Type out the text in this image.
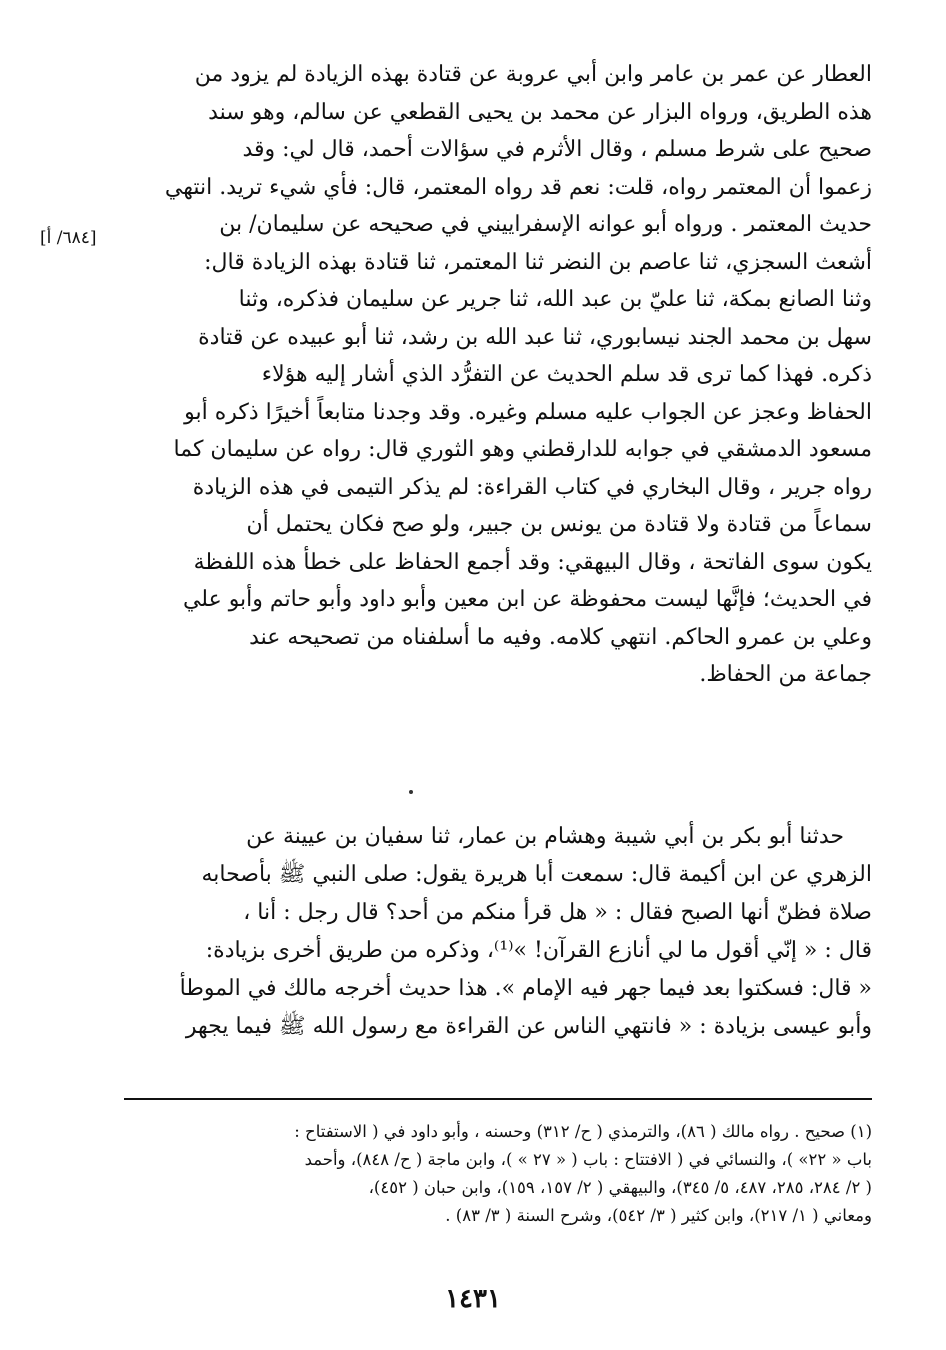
العطار عن عمر بن عامر وابن أبي عروبة عن قتادة بهذه الزيادة لم يزود من
هذه الطريق، ورواه البزار عن محمد بن يحيى القطعي عن سالم، وهو سند
صحيح على شرط مسلم ، وقال الأثرم في سؤالات أحمد، قال لي: وقد
زعموا أن المعتمر رواه، قلت: نعم قد رواه المعتمر، قال: فأي شيء تريد. انتهي
حديث المعتمر . ورواه أبو عوانه الإسفراييني في صحيحه عن سليمان/ بن
أشعث السجزي، ثنا عاصم بن النضر ثنا المعتمر، ثنا قتادة بهذه الزيادة قال:
وثنا الصانع بمكة، ثنا عليّ بن عبد الله، ثنا جرير عن سليمان فذكره، وثنا
سهل بن محمد الجند نيسابوري، ثنا عبد الله بن رشد، ثنا أبو عبيده عن قتادة
ذكره. فهذا كما ترى قد سلم الحديث عن التفرُّد الذي أشار إليه هؤلاء
الحفاظ وعجز عن الجواب عليه مسلم وغيره. وقد وجدنا متابعاً أخيرًا ذكره أبو
مسعود الدمشقي في جوابه للدارقطني وهو الثوري قال: رواه عن سليمان كما
رواه جرير ، وقال البخاري في كتاب القراءة: لم يذكر التيمى في هذه الزيادة
سماعاً من قتادة ولا قتادة من يونس بن جبير، ولو صح فكان يحتمل أن
يكون سوى الفاتحة ، وقال البيهقي: وقد أجمع الحفاظ على خطأ هذه اللفظة
في الحديث؛ فإنَّها ليست محفوظة عن ابن معين وأبو داود وأبو حاتم وأبو علي
وعلي بن عمرو الحاكم. انتهي كلامه. وفيه ما أسلفناه من تصحيحه عند
جماعة من الحفاظ.
[٦٨٤/ أ]
حدثنا أبو بكر بن أبي شيبة وهشام بن عمار، ثنا سفيان بن عيينة عن
الزهري عن ابن أكيمة قال: سمعت أبا هريرة يقول: صلى النبي ﷺ بأصحابه
صلاة فظنّ أنها الصبح فقال : « هل قرأ منكم من أحد؟ قال رجل : أنا ،
قال : « إنّي أقول ما لي أنازع القرآن! »⁽¹⁾، وذكره من طريق أخرى بزيادة:
« قال: فسكتوا بعد فيما جهر فيه الإمام ». هذا حديث أخرجه مالك في الموطأ
وأبو عيسى بزيادة : « فانتهي الناس عن القراءة مع رسول الله ﷺ فيما يجهر
(١) صحيح . رواه مالك ( ٨٦)، والترمذي ( ح/ ٣١٢) وحسنه ، وأبو داود في ( الاستفتاح :
باب « ٢٢» )، والنسائي في ( الافتتاح : باب ( « ٢٧ » )، وابن ماجة ( ح/ ٨٤٨)، وأحمد
( ٢/ ٢٨٤، ٢٨٥، ٤٨٧، ٥/ ٣٤٥)، والبيهقي ( ٢/ ١٥٧، ١٥٩)، وابن حبان ( ٤٥٢)،
ومعاني ( ١/ ٢١٧)، وابن كثير ( ٣/ ٥٤٢)، وشرح السنة ( ٣/ ٨٣) .
١٤٣١
